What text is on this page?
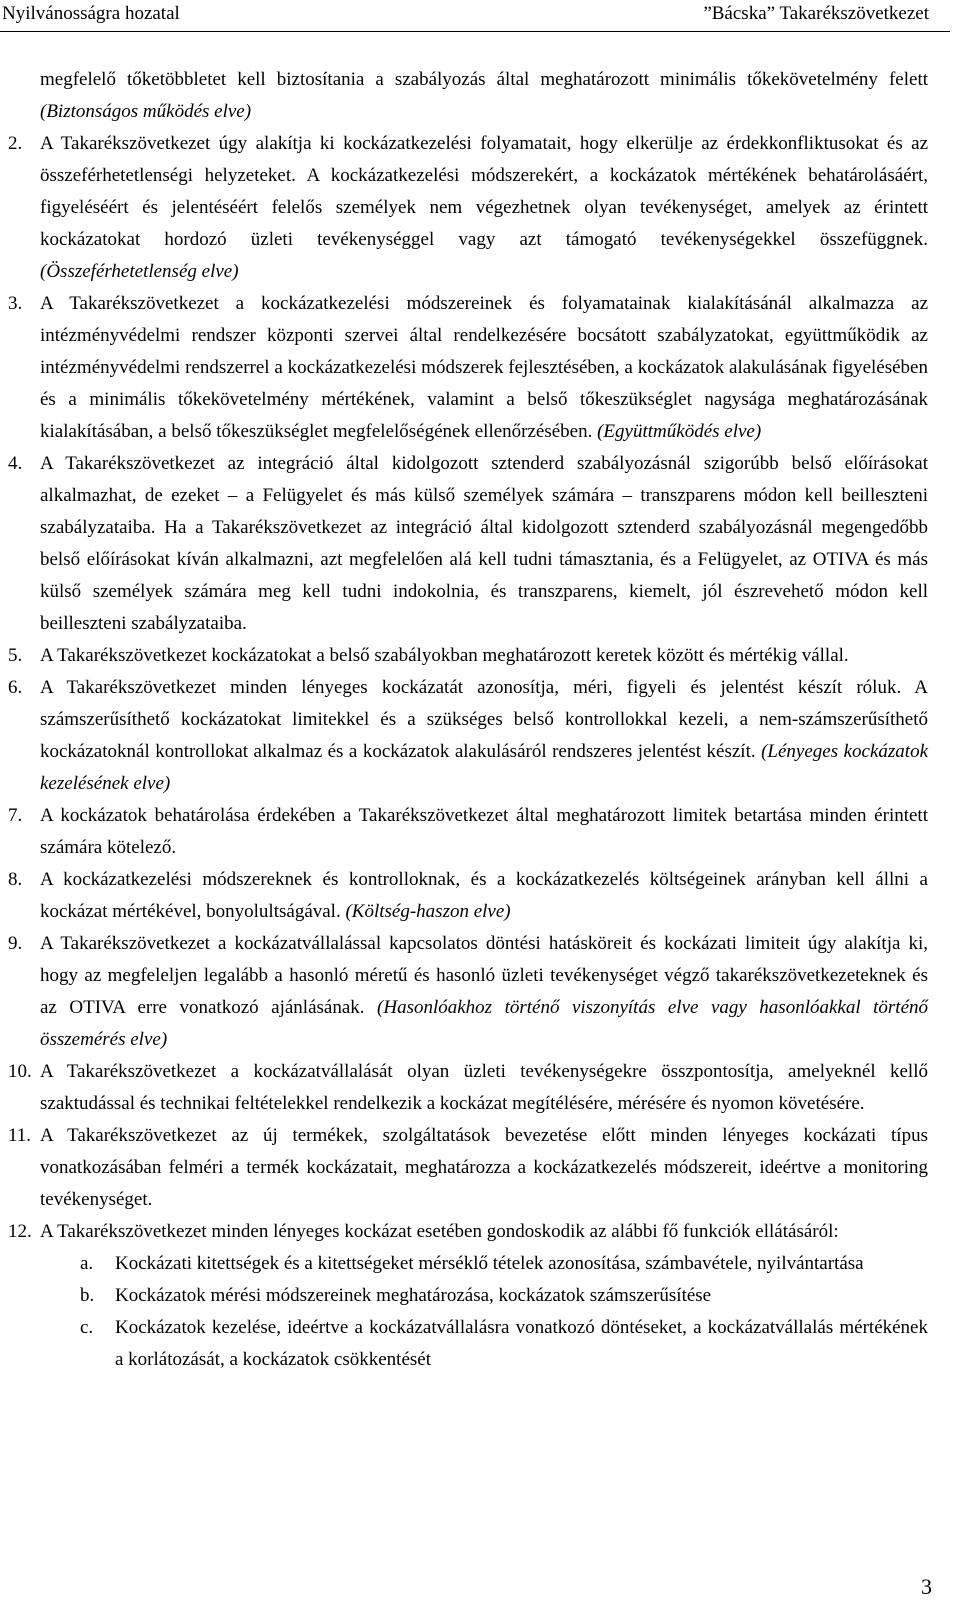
Nyilvánosságra hozatal	”Bácska” Takarékszövetkezet

megfelelő tőketöbbletet kell biztosítania a szabályozás által meghatározott minimális tőkekövetelmény felett (Biztonságos működés elve)

2. A Takarékszövetkezet úgy alakítja ki kockázatkezelési folyamatait, hogy elkerülje az érdekkonfliktusokat és az összeférhetetlenségi helyzeteket. A kockázatkezelési módszerekért, a kockázatok mértékének behatárolásáért, figyeléséért és jelentéséért felelős személyek nem végezhetnek olyan tevékenységet, amelyek az érintett kockázatokat hordozó üzleti tevékenységgel vagy azt támogató tevékenységekkel összefüggnek. (Összeférhetetlenség elve)

3. A Takarékszövetkezet a kockázatkezelési módszereinek és folyamatainak kialakításánál alkalmazza az intézményvédelmi rendszer központi szervei által rendelkezésére bocsátott szabályzatokat, együttműködik az intézményvédelmi rendszerrel a kockázatkezelési módszerek fejlesztésében, a kockázatok alakulásának figyelésében és a minimális tőkekövetelmény mértékének, valamint a belső tőkeszükséglet nagysága meghatározásának kialakításában, a belső tőkeszükséglet megfelelőségének ellenőrzésében. (Együttműködés elve)

4. A Takarékszövetkezet az integráció által kidolgozott sztenderd szabályozásnál szigorúbb belső előírásokat alkalmazhat, de ezeket – a Felügyelet és más külső személyek számára – transzparens módon kell beilleszteni szabályzataiba. Ha a Takarékszövetkezet az integráció által kidolgozott sztenderd szabályozásnál megengedőbb belső előírásokat kíván alkalmazni, azt megfelelően alá kell tudni támasztania, és a Felügyelet, az OTIVA és más külső személyek számára meg kell tudni indokolnia, és transzparens, kiemelt, jól észrevehető módon kell beilleszteni szabályzataiba.

5. A Takarékszövetkezet kockázatokat a belső szabályokban meghatározott keretek között és mértékig vállal.

6. A Takarékszövetkezet minden lényeges kockázatát azonosítja, méri, figyeli és jelentést készít róluk. A számszerűsíthető kockázatokat limitekkel és a szükséges belső kontrollokkal kezeli, a nem-számszerűsíthető kockázatoknál kontrollokat alkalmaz és a kockázatok alakulásáról rendszeres jelentést készít. (Lényeges kockázatok kezelésének elve)

7. A kockázatok behatárolása érdekében a Takarékszövetkezet által meghatározott limitek betartása minden érintett számára kötelező.

8. A kockázatkezelési módszereknek és kontrolloknak, és a kockázatkezelés költségeinek arányban kell állni a kockázat mértékével, bonyolultságával. (Költség-haszon elve)

9. A Takarékszövetkezet a kockázatvállalással kapcsolatos döntési hatásköreit és kockázati limiteit úgy alakítja ki, hogy az megfeleljen legalább a hasonló méretű és hasonló üzleti tevékenységet végző takarékszövetkezeteknek és az OTIVA erre vonatkozó ajánlásának. (Hasonlóakhoz történő viszonyítás elve vagy hasonlóakkal történő összemérés elve)

10. A Takarékszövetkezet a kockázatvállalását olyan üzleti tevékenységekre összpontosítja, amelyeknél kellő szaktudással és technikai feltételekkel rendelkezik a kockázat megítélésére, mérésére és nyomon követésére.

11. A Takarékszövetkezet az új termékek, szolgáltatások bevezetése előtt minden lényeges kockázati típus vonatkozásában felméri a termék kockázatait, meghatározza a kockázatkezelés módszereit, ideértve a monitoring tevékenységet.

12. A Takarékszövetkezet minden lényeges kockázat esetében gondoskodik az alábbi fő funkciók ellátásáról:

a. Kockázati kitettségek és a kitettségeket mérséklő tételek azonosítása, számbavétele, nyilvántartása

b. Kockázatok mérési módszereinek meghatározása, kockázatok számszerűsítése

c. Kockázatok kezelése, ideértve a kockázatvállalásra vonatkozó döntéseket, a kockázatvállalás mértékének a korlátozását, a kockázatok csökkentését

3
